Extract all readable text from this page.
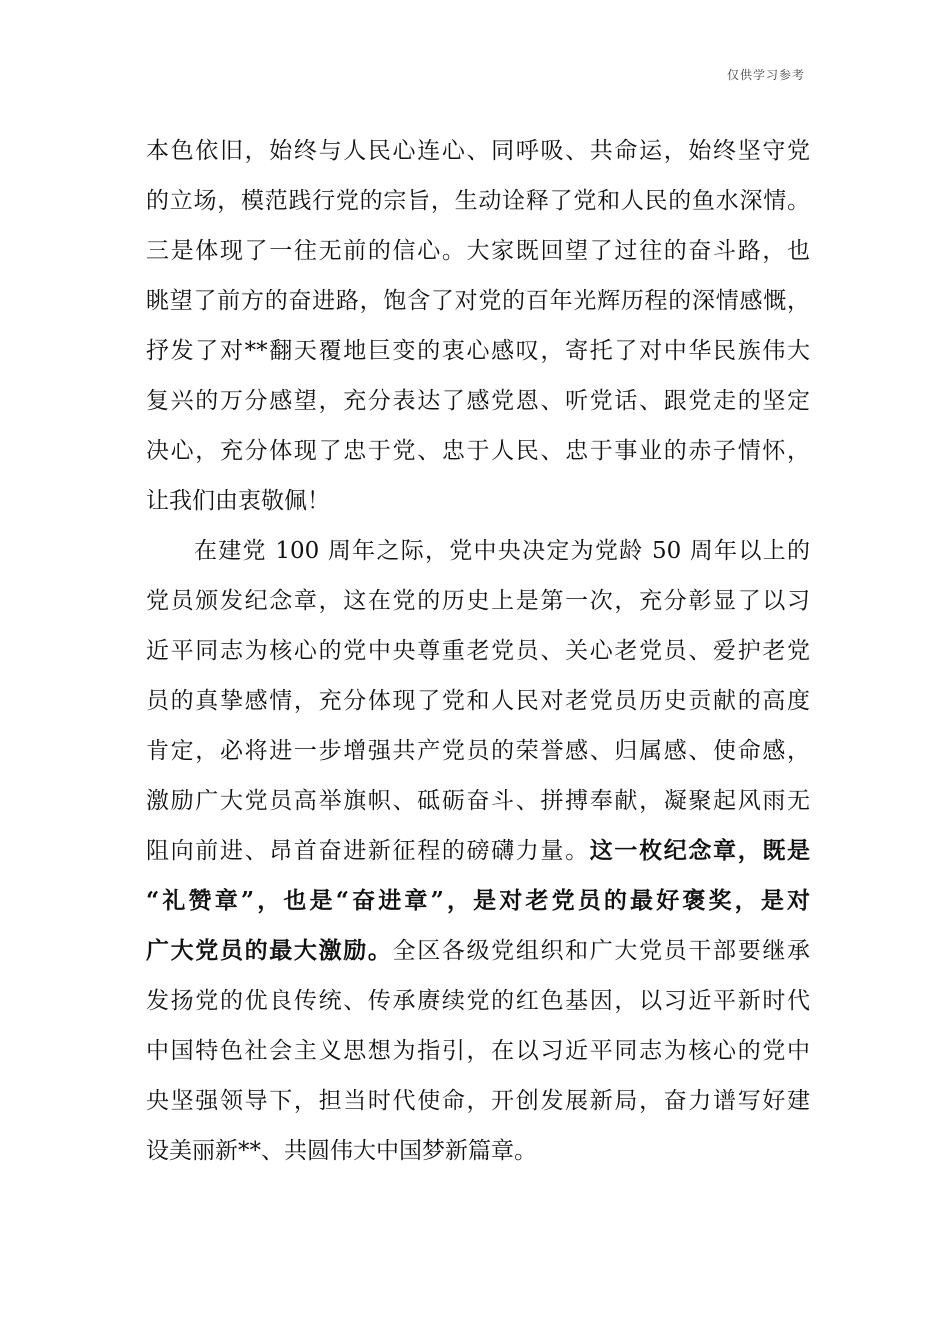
仅供学习参考
本色依旧，始终与人民心连心、同呼吸、共命运，始终坚守党
的立场，模范践行党的宗旨，生动诠释了党和人民的鱼水深情。
三是体现了一往无前的信心。大家既回望了过往的奋斗路，也
眺望了前方的奋进路，饱含了对党的百年光辉历程的深情感慨，
抒发了对**翻天覆地巨变的衷心感叹，寄托了对中华民族伟大
复兴的万分感望，充分表达了感党恩、听党话、跟党走的坚定
决心，充分体现了忠于党、忠于人民、忠于事业的赤子情怀，
让我们由衷敬佩！
在建党 100 周年之际，党中央决定为党龄 50 周年以上的
党员颁发纪念章，这在党的历史上是第一次，充分彰显了以习
近平同志为核心的党中央尊重老党员、关心老党员、爱护老党
员的真挚感情，充分体现了党和人民对老党员历史贡献的高度
肯定，必将进一步增强共产党员的荣誉感、归属感、使命感，
激励广大党员高举旗帜、砥砺奋斗、拼搏奉献，凝聚起风雨无
阻向前进、昂首奋进新征程的磅礴力量。这一枚纪念章，既是
“礼赞章”，也是“奋进章”，是对老党员的最好褒奖，是对
广大党员的最大激励。全区各级党组织和广大党员干部要继承
发扬党的优良传统、传承赓续党的红色基因，以习近平新时代
中国特色社会主义思想为指引，在以习近平同志为核心的党中
央坚强领导下，担当时代使命，开创发展新局，奋力谱写好建
设美丽新**、共圆伟大中国梦新篇章。
